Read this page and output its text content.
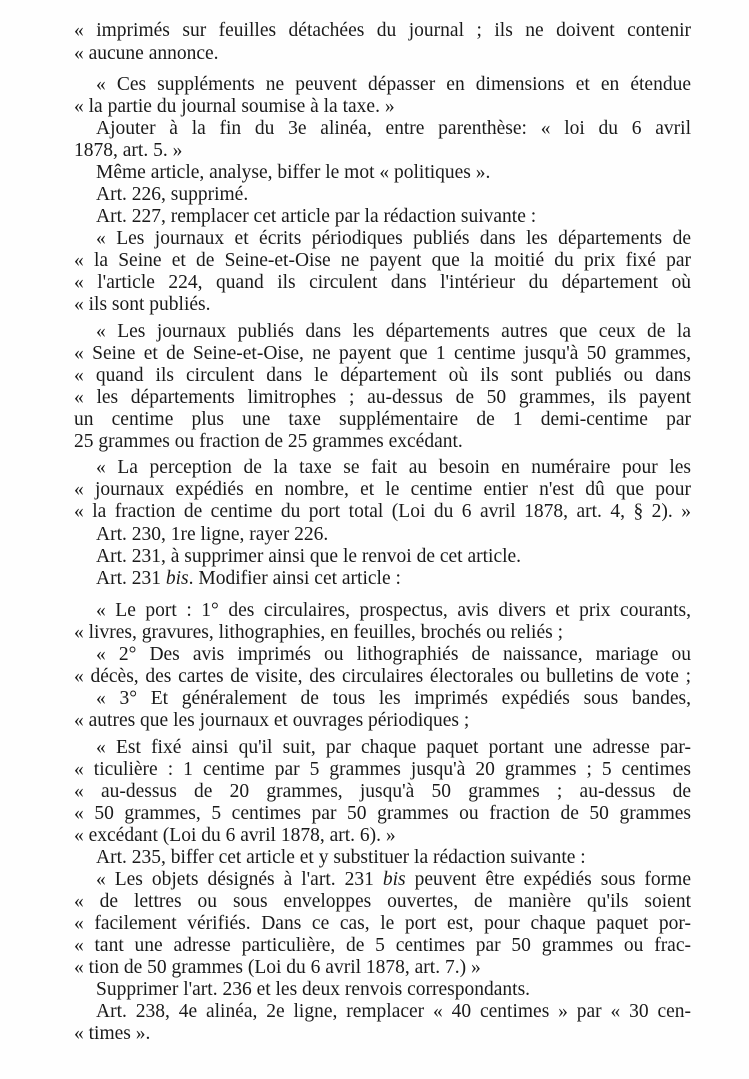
« imprimés sur feuilles détachées du journal ; ils ne doivent contenir
« aucune annonce.
« Ces suppléments ne peuvent dépasser en dimensions et en étendue
« la partie du journal soumise à la taxe. »
Ajouter à la fin du 3e alinéa, entre parenthèse: « loi du 6 avril
1878, art. 5. »
Même article, analyse, biffer le mot « politiques ».
Art. 226, supprimé.
Art. 227, remplacer cet article par la rédaction suivante :
« Les journaux et écrits périodiques publiés dans les départements de
« la Seine et de Seine-et-Oise ne payent que la moitié du prix fixé par
« l'article 224, quand ils circulent dans l'intérieur du département où
« ils sont publiés.
« Les journaux publiés dans les départements autres que ceux de la
« Seine et de Seine-et-Oise, ne payent que 1 centime jusqu'à 50 grammes,
« quand ils circulent dans le département où ils sont publiés ou dans
« les départements limitrophes ; au-dessus de 50 grammes, ils payent
un centime plus une taxe supplémentaire de 1 demi-centime par
25 grammes ou fraction de 25 grammes excédant.
« La perception de la taxe se fait au besoin en numéraire pour les
« journaux expédiés en nombre, et le centime entier n'est dû que pour
« la fraction de centime du port total (Loi du 6 avril 1878, art. 4, § 2). »
Art. 230, 1re ligne, rayer 226.
Art. 231, à supprimer ainsi que le renvoi de cet article.
Art. 231 bis. Modifier ainsi cet article :
« Le port : 1° des circulaires, prospectus, avis divers et prix courants,
« livres, gravures, lithographies, en feuilles, brochés ou reliés ;
« 2° Des avis imprimés ou lithographiés de naissance, mariage ou
« décès, des cartes de visite, des circulaires électorales ou bulletins de vote ;
« 3° Et généralement de tous les imprimés expédiés sous bandes,
« autres que les journaux et ouvrages périodiques ;
« Est fixé ainsi qu'il suit, par chaque paquet portant une adresse par-
« ticulière : 1 centime par 5 grammes jusqu'à 20 grammes ; 5 centimes
« au-dessus de 20 grammes, jusqu'à 50 grammes ; au-dessus de
« 50 grammes, 5 centimes par 50 grammes ou fraction de 50 grammes
« excédant (Loi du 6 avril 1878, art. 6). »
Art. 235, biffer cet article et y substituer la rédaction suivante :
« Les objets désignés à l'art. 231 bis peuvent être expédiés sous forme
« de lettres ou sous enveloppes ouvertes, de manière qu'ils soient
« facilement vérifiés. Dans ce cas, le port est, pour chaque paquet por-
« tant une adresse particulière, de 5 centimes par 50 grammes ou frac-
« tion de 50 grammes (Loi du 6 avril 1878, art. 7.) »
Supprimer l'art. 236 et les deux renvois correspondants.
Art. 238, 4e alinéa, 2e ligne, remplacer « 40 centimes » par « 30 cen-
« times ».
